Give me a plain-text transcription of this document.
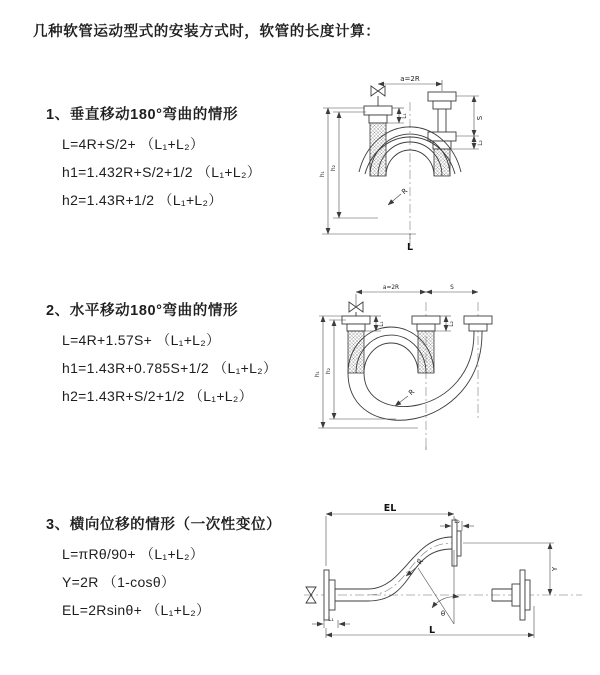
几种软管运动型式的安装方式时，软管的长度计算：
1、垂直移动180°弯曲的情形
L=4R+S/2+ （L₁+L₂）
h1=1.432R+S/2+1/2 （L₁+L₂）
h2=1.43R+1/2 （L₁+L₂）
2、水平移动180°弯曲的情形
L=4R+1.57S+ （L₁+L₂）
h1=1.43R+0.785S+1/2 （L₁+L₂）
h2=1.43R+S/2+1/2 （L₁+L₂）
3、横向位移的情形（一次性变位）
L=πRθ/90+ （L₁+L₂）
Y=2R （1-cosθ）
EL=2Rsinθ+ （L₁+L₂）
a=2R
S
L₂
h₁
h₂
L₁
R
L
a=2R	S
h₁ h₂
L₁	L₂
R
EL
L₂
Y
R
θ
L₁
L
